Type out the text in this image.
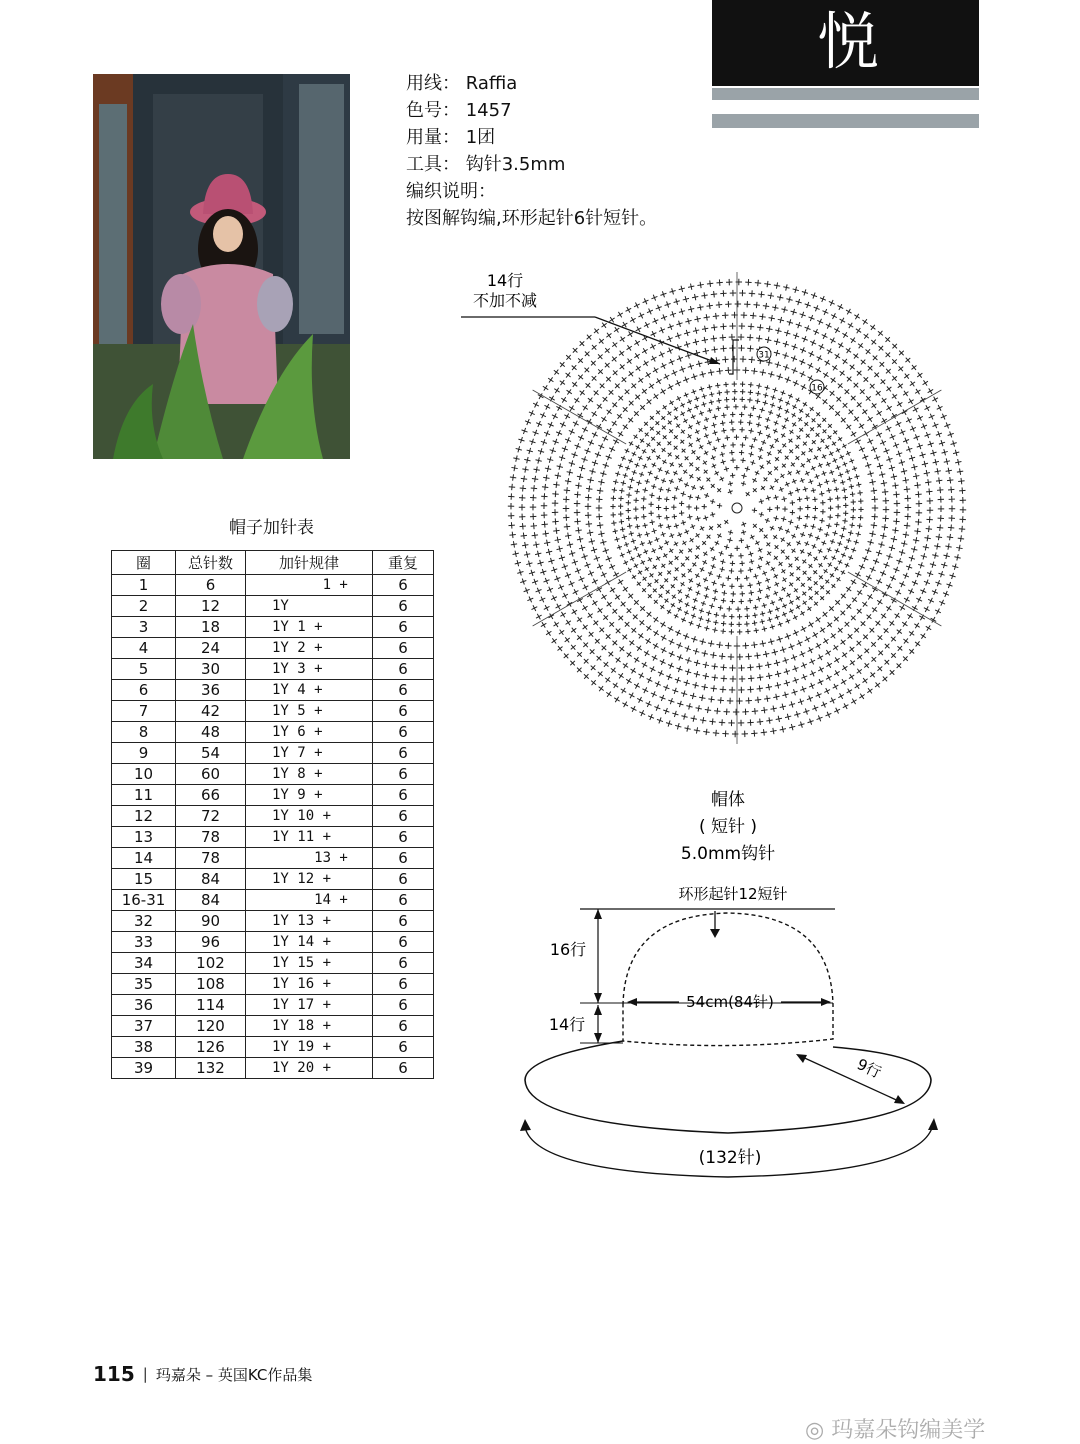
悦
用线： Raffia
色号： 1457
用量： 1团
工具： 钩针3.5mm
编织说明：
按图解钩编,环形起针6针短针。
帽子加针表
圈	总针数	加针规律	重复
1	6	1 +	6
2	12	1Y	6
3	18	1Y 1 +	6
4	24	1Y 2 +	6
5	30	1Y 3 +	6
6	36	1Y 4 +	6
7	42	1Y 5 +	6
8	48	1Y 6 +	6
9	54	1Y 7 +	6
10	60	1Y 8 +	6
11	66	1Y 9 +	6
12	72	1Y 10 +	6
13	78	1Y 11 +	6
14	78	13 +	6
15	84	1Y 12 +	6
16-31	84	14 +	6
32	90	1Y 13 +	6
33	96	1Y 14 +	6
34	102	1Y 15 +	6
35	108	1Y 16 +	6
36	114	1Y 17 +	6
37	120	1Y 18 +	6
38	126	1Y 19 +	6
39	132	1Y 20 +	6
14行
不加不减
31
16
帽体
( 短针 )
5.0mm钩针
环形起针12短针
54cm(84针)
16行
14行
9行
(132针)
115 | 玛嘉朵 – 英国KC作品集
◎ 玛嘉朵钩编美学
